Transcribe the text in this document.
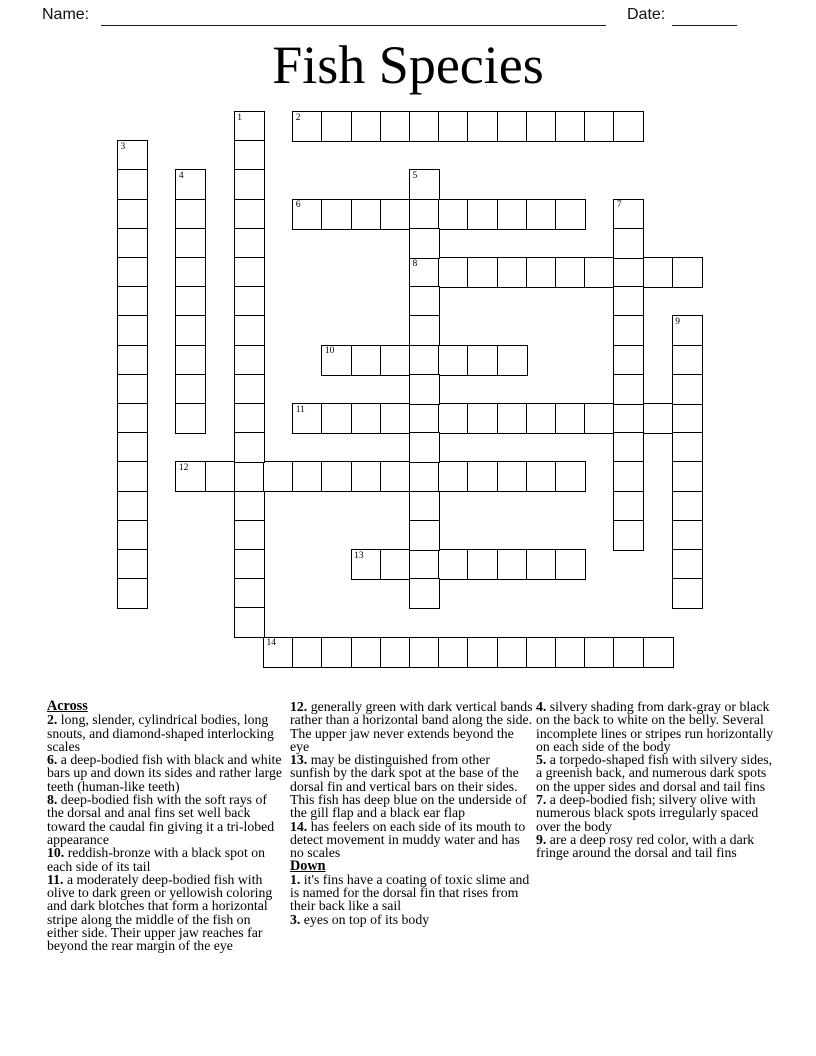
Name:	Date:
Fish Species
2
6
8
10
11
12
13
14
1
3
4	5
7
9
Across
2. long, slender, cylindrical bodies, long snouts, and diamond-shaped interlocking scales
6. a deep-bodied fish with black and white bars up and down its sides and rather large teeth (human-like teeth)
8. deep-bodied fish with the soft rays of the dorsal and anal fins set well back toward the caudal fin giving it a tri-lobed appearance
10. reddish-bronze with a black spot on each side of its tail
11. a moderately deep-bodied fish with olive to dark green or yellowish coloring and dark blotches that form a horizontal stripe along the middle of the fish on either side. Their upper jaw reaches far beyond the rear margin of the eye
12. generally green with dark vertical bands rather than a horizontal band along the side. The upper jaw never extends beyond the eye
13. may be distinguished from other sunfish by the dark spot at the base of the dorsal fin and vertical bars on their sides. This fish has deep blue on the underside of the gill flap and a black ear flap
14. has feelers on each side of its mouth to detect movement in muddy water and has no scales
Down
1. it's fins have a coating of toxic slime and is named for the dorsal fin that rises from their back like a sail
3. eyes on top of its body
4. silvery shading from dark-gray or black on the back to white on the belly. Several incomplete lines or stripes run horizontally on each side of the body
5. a torpedo-shaped fish with silvery sides, a greenish back, and numerous dark spots on the upper sides and dorsal and tail fins
7. a deep-bodied fish; silvery olive with numerous black spots irregularly spaced over the body
9. are a deep rosy red color, with a dark fringe around the dorsal and tail fins
